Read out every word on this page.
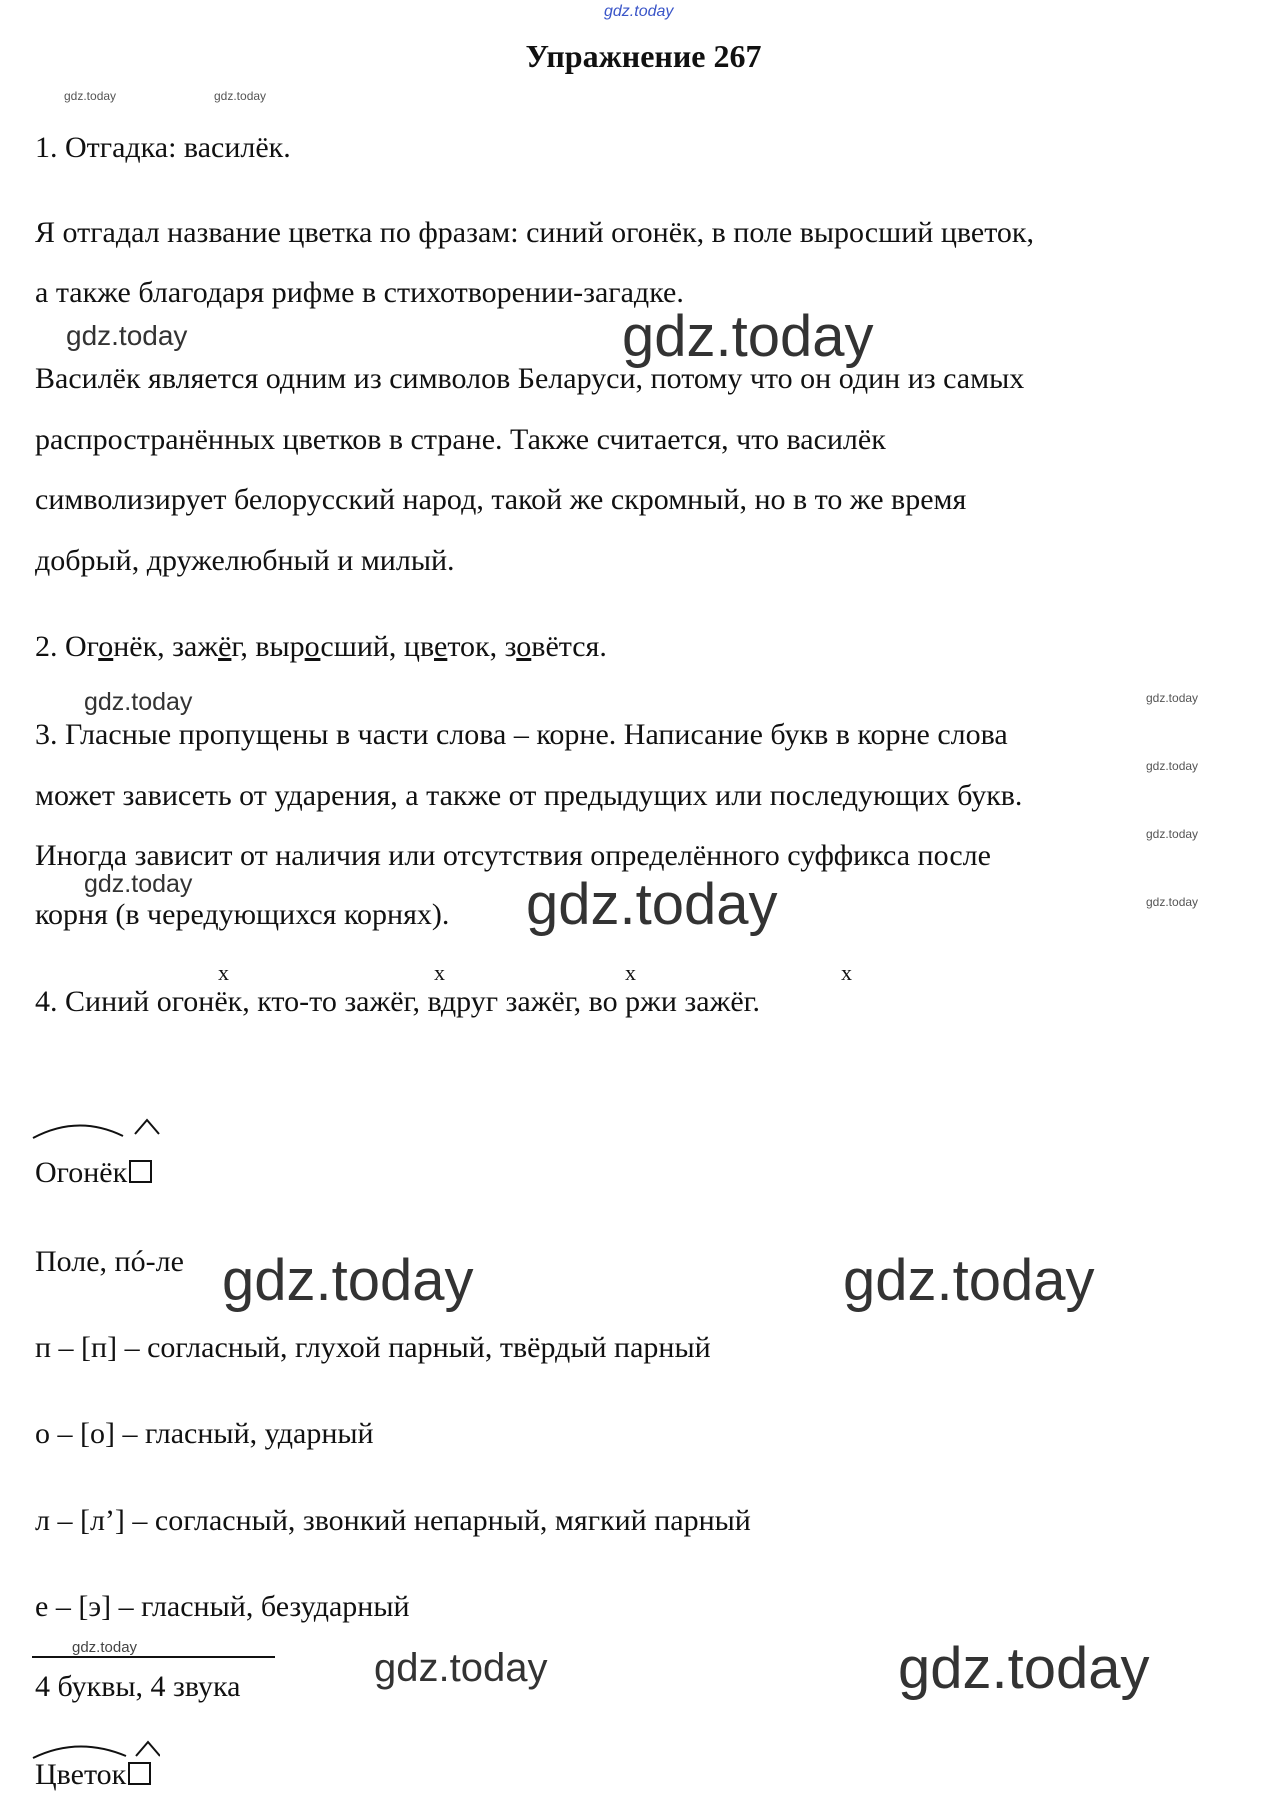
gdz.today
Упражнение 267
gdz.today	gdz.today
1. Отгадка: василёк.
Я отгадал название цветка по фразам: синий огонёк, в поле выросший цветок,
а также благодаря рифме в стихотворении-загадке.
gdz.today	gdz.today
Василёк является одним из символов Беларуси, потому что он один из самых
распространённых цветков в стране. Также считается, что василёк
символизирует белорусский народ, такой же скромный, но в то же время
добрый, дружелюбный и милый.
2. Огонёк, зажёг, выросший, цветок, зовётся.
gdz.today	gdz.today
3. Гласные пропущены в части слова – корне. Написание букв в корне слова
gdz.today
может зависеть от ударения, а также от предыдущих или последующих букв.
gdz.today
Иногда зависит от наличия или отсутствия определённого суффикса после
gdz.today
gdz.today
корня (в чередующихся корнях). gdz.today
x	x	x	x
4. Синий огонёк, кто-то зажёг, вдруг зажёг, во ржи зажёг.
Огонёк
Поле, пó-ле gdz.today	gdz.today
п – [п] – согласный, глухой парный, твёрдый парный
о – [о] – гласный, ударный
л – [л’] – согласный, звонкий непарный, мягкий парный
е – [э] – гласный, безударный
gdz.today	gdz.today	gdz.today
4 буквы, 4 звука
Цветок
